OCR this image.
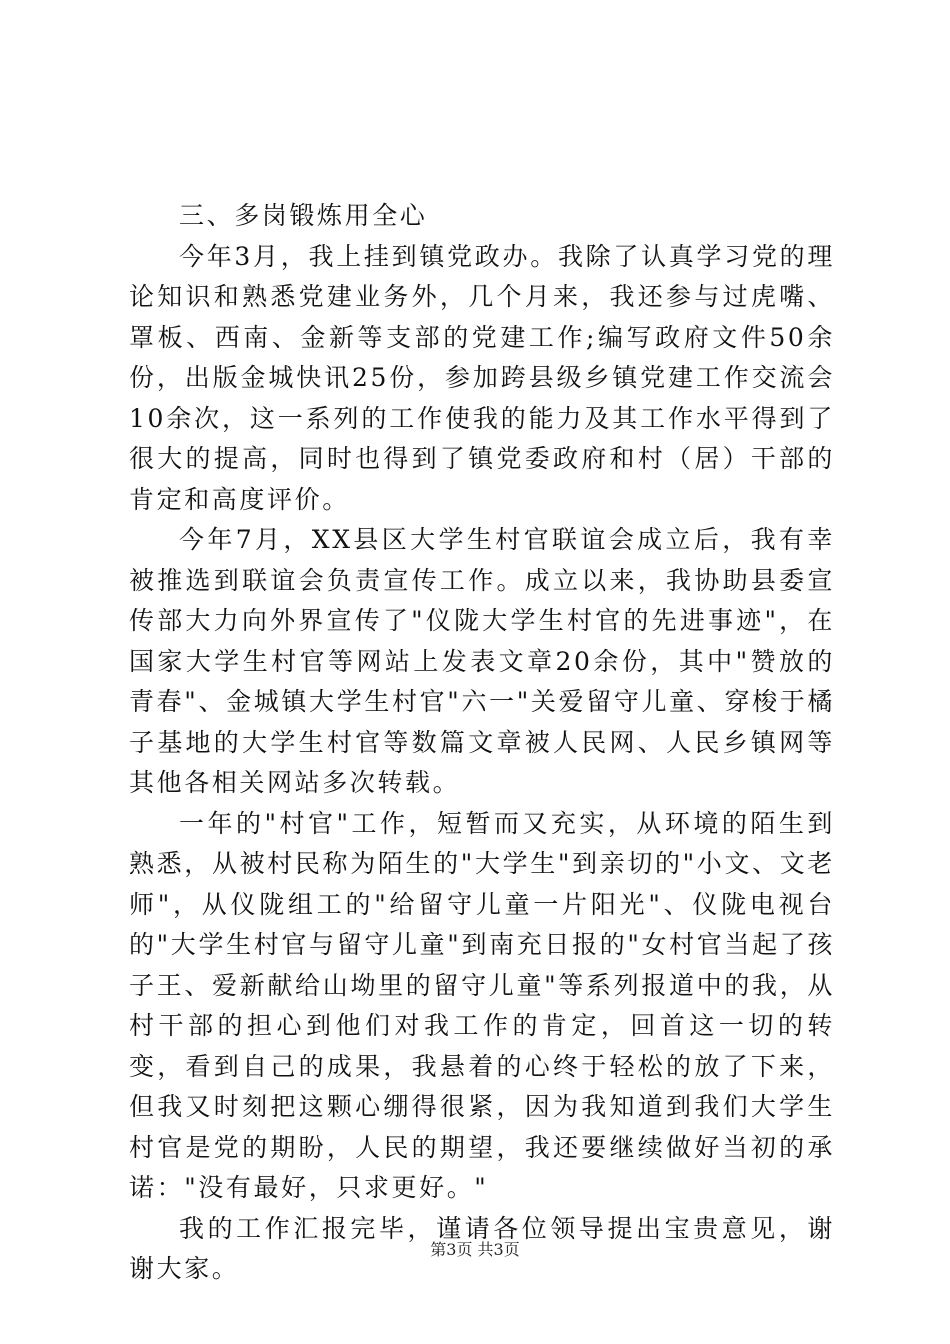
三、多岗锻炼用全心

今年3月，我上挂到镇党政办。我除了认真学习党的理论知识和熟悉党建业务外，几个月来，我还参与过虎嘴、罩板、西南、金新等支部的党建工作;编写政府文件50余份，出版金城快讯25份，参加跨县级乡镇党建工作交流会10余次，这一系列的工作使我的能力及其工作水平得到了很大的提高，同时也得到了镇党委政府和村（居）干部的肯定和高度评价。

今年7月，XX县区大学生村官联谊会成立后，我有幸被推选到联谊会负责宣传工作。成立以来，我协助县委宣传部大力向外界宣传了"仪陇大学生村官的先进事迹"，在国家大学生村官等网站上发表文章20余份，其中"赞放的青春"、金城镇大学生村官"六一"关爱留守儿童、穿梭于橘子基地的大学生村官等数篇文章被人民网、人民乡镇网等其他各相关网站多次转载。

一年的"村官"工作，短暂而又充实，从环境的陌生到熟悉，从被村民称为陌生的"大学生"到亲切的"小文、文老师"，从仪陇组工的"给留守儿童一片阳光"、仪陇电视台的"大学生村官与留守儿童"到南充日报的"女村官当起了孩子王、爱新献给山坳里的留守儿童"等系列报道中的我，从村干部的担心到他们对我工作的肯定，回首这一切的转变，看到自己的成果，我悬着的心终于轻松的放了下来，但我又时刻把这颗心绷得很紧，因为我知道到我们大学生村官是党的期盼，人民的期望，我还要继续做好当初的承诺："没有最好，只求更好。"

我的工作汇报完毕，谨请各位领导提出宝贵意见，谢谢大家。

第3页 共3页
